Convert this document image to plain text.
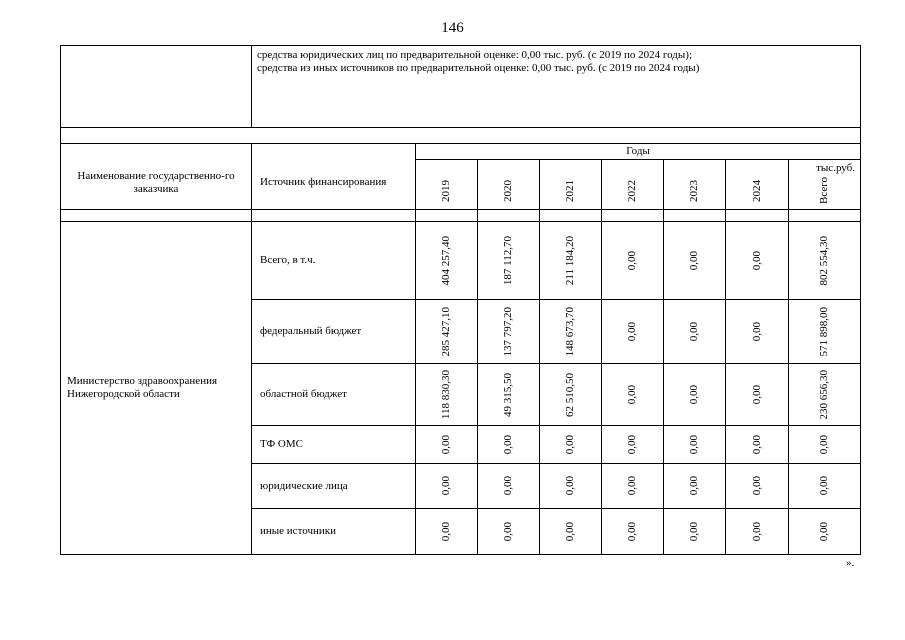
146

средства юридических лиц по предварительной оценке: 0,00 тыс. руб. (с 2019 по 2024 годы);
средства из иных источников по предварительной оценке: 0,00 тыс. руб. (с 2019 по 2024 годы)

тыс.руб.
Наименование государственно-го заказчика	Источник финансирования	Годы						

		2019	2020	2021	2022	2023	2024	Всего

Министерство здравоохранения Нижегородской области	Всего, в т.ч.	404 257,40	187 112,70	211 184,20	0,00	0,00	0,00	802 554,30

	федеральный бюджет	285 427,10	137 797,20	148 673,70	0,00	0,00	0,00	571 898,00

	областной бюджет	118 830,30	49 315,50	62 510,50	0,00	0,00	0,00	230 656,30

	ТФ ОМС	0,00	0,00	0,00	0,00	0,00	0,00	0,00

	юридические лица	0,00	0,00	0,00	0,00	0,00	0,00	0,00

	иные источники	0,00	0,00	0,00	0,00	0,00	0,00	0,00
».
